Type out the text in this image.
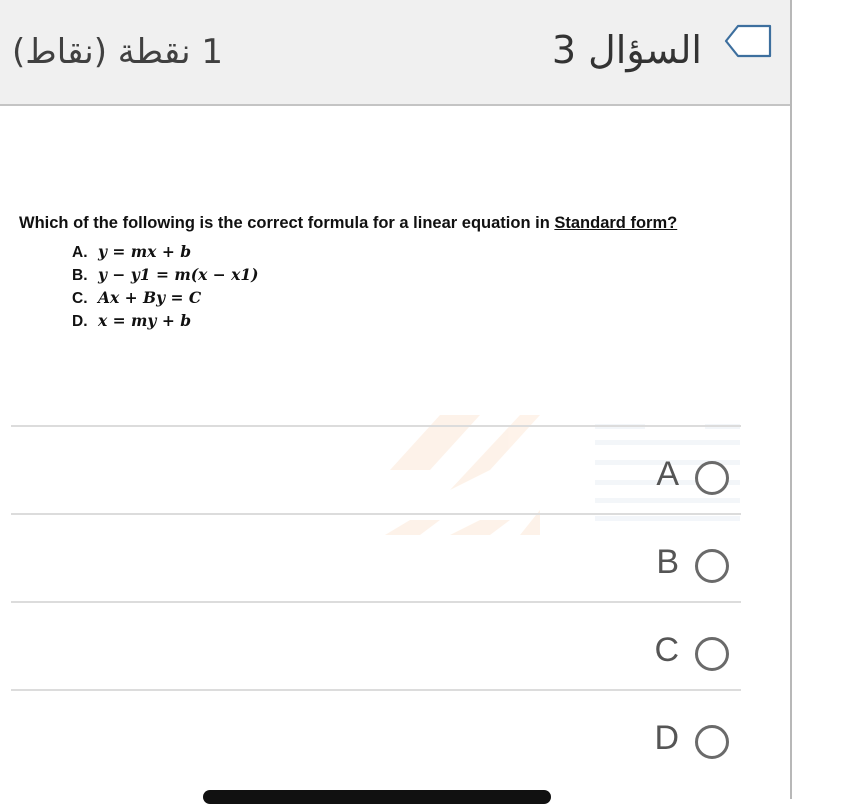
1 نقطة (نقاط)	السؤال 3
Which of the following is the correct formula for a linear equation in Standard form?
A. y = mx + b
B. y − y1 = m(x − x1)
C. Ax + By = C
D. x = my + b
A
B
C
D
